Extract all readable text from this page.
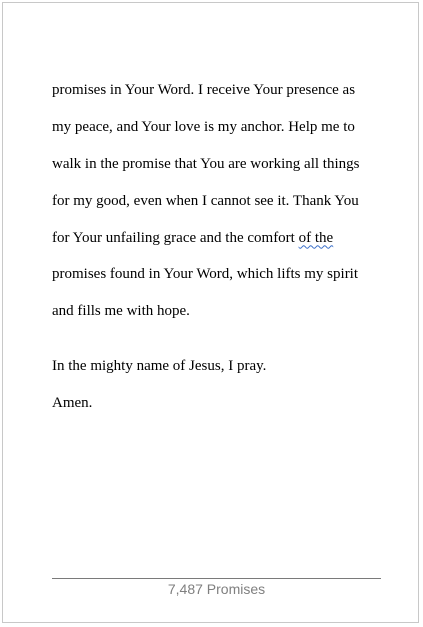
promises in Your Word. I receive Your presence as

my peace, and Your love is my anchor. Help me to

walk in the promise that You are working all things

for my good, even when I cannot see it. Thank You

for Your unfailing grace and the comfort of the

promises found in Your Word, which lifts my spirit

and fills me with hope.

In the mighty name of Jesus, I pray.

Amen.

7,487 Promises
